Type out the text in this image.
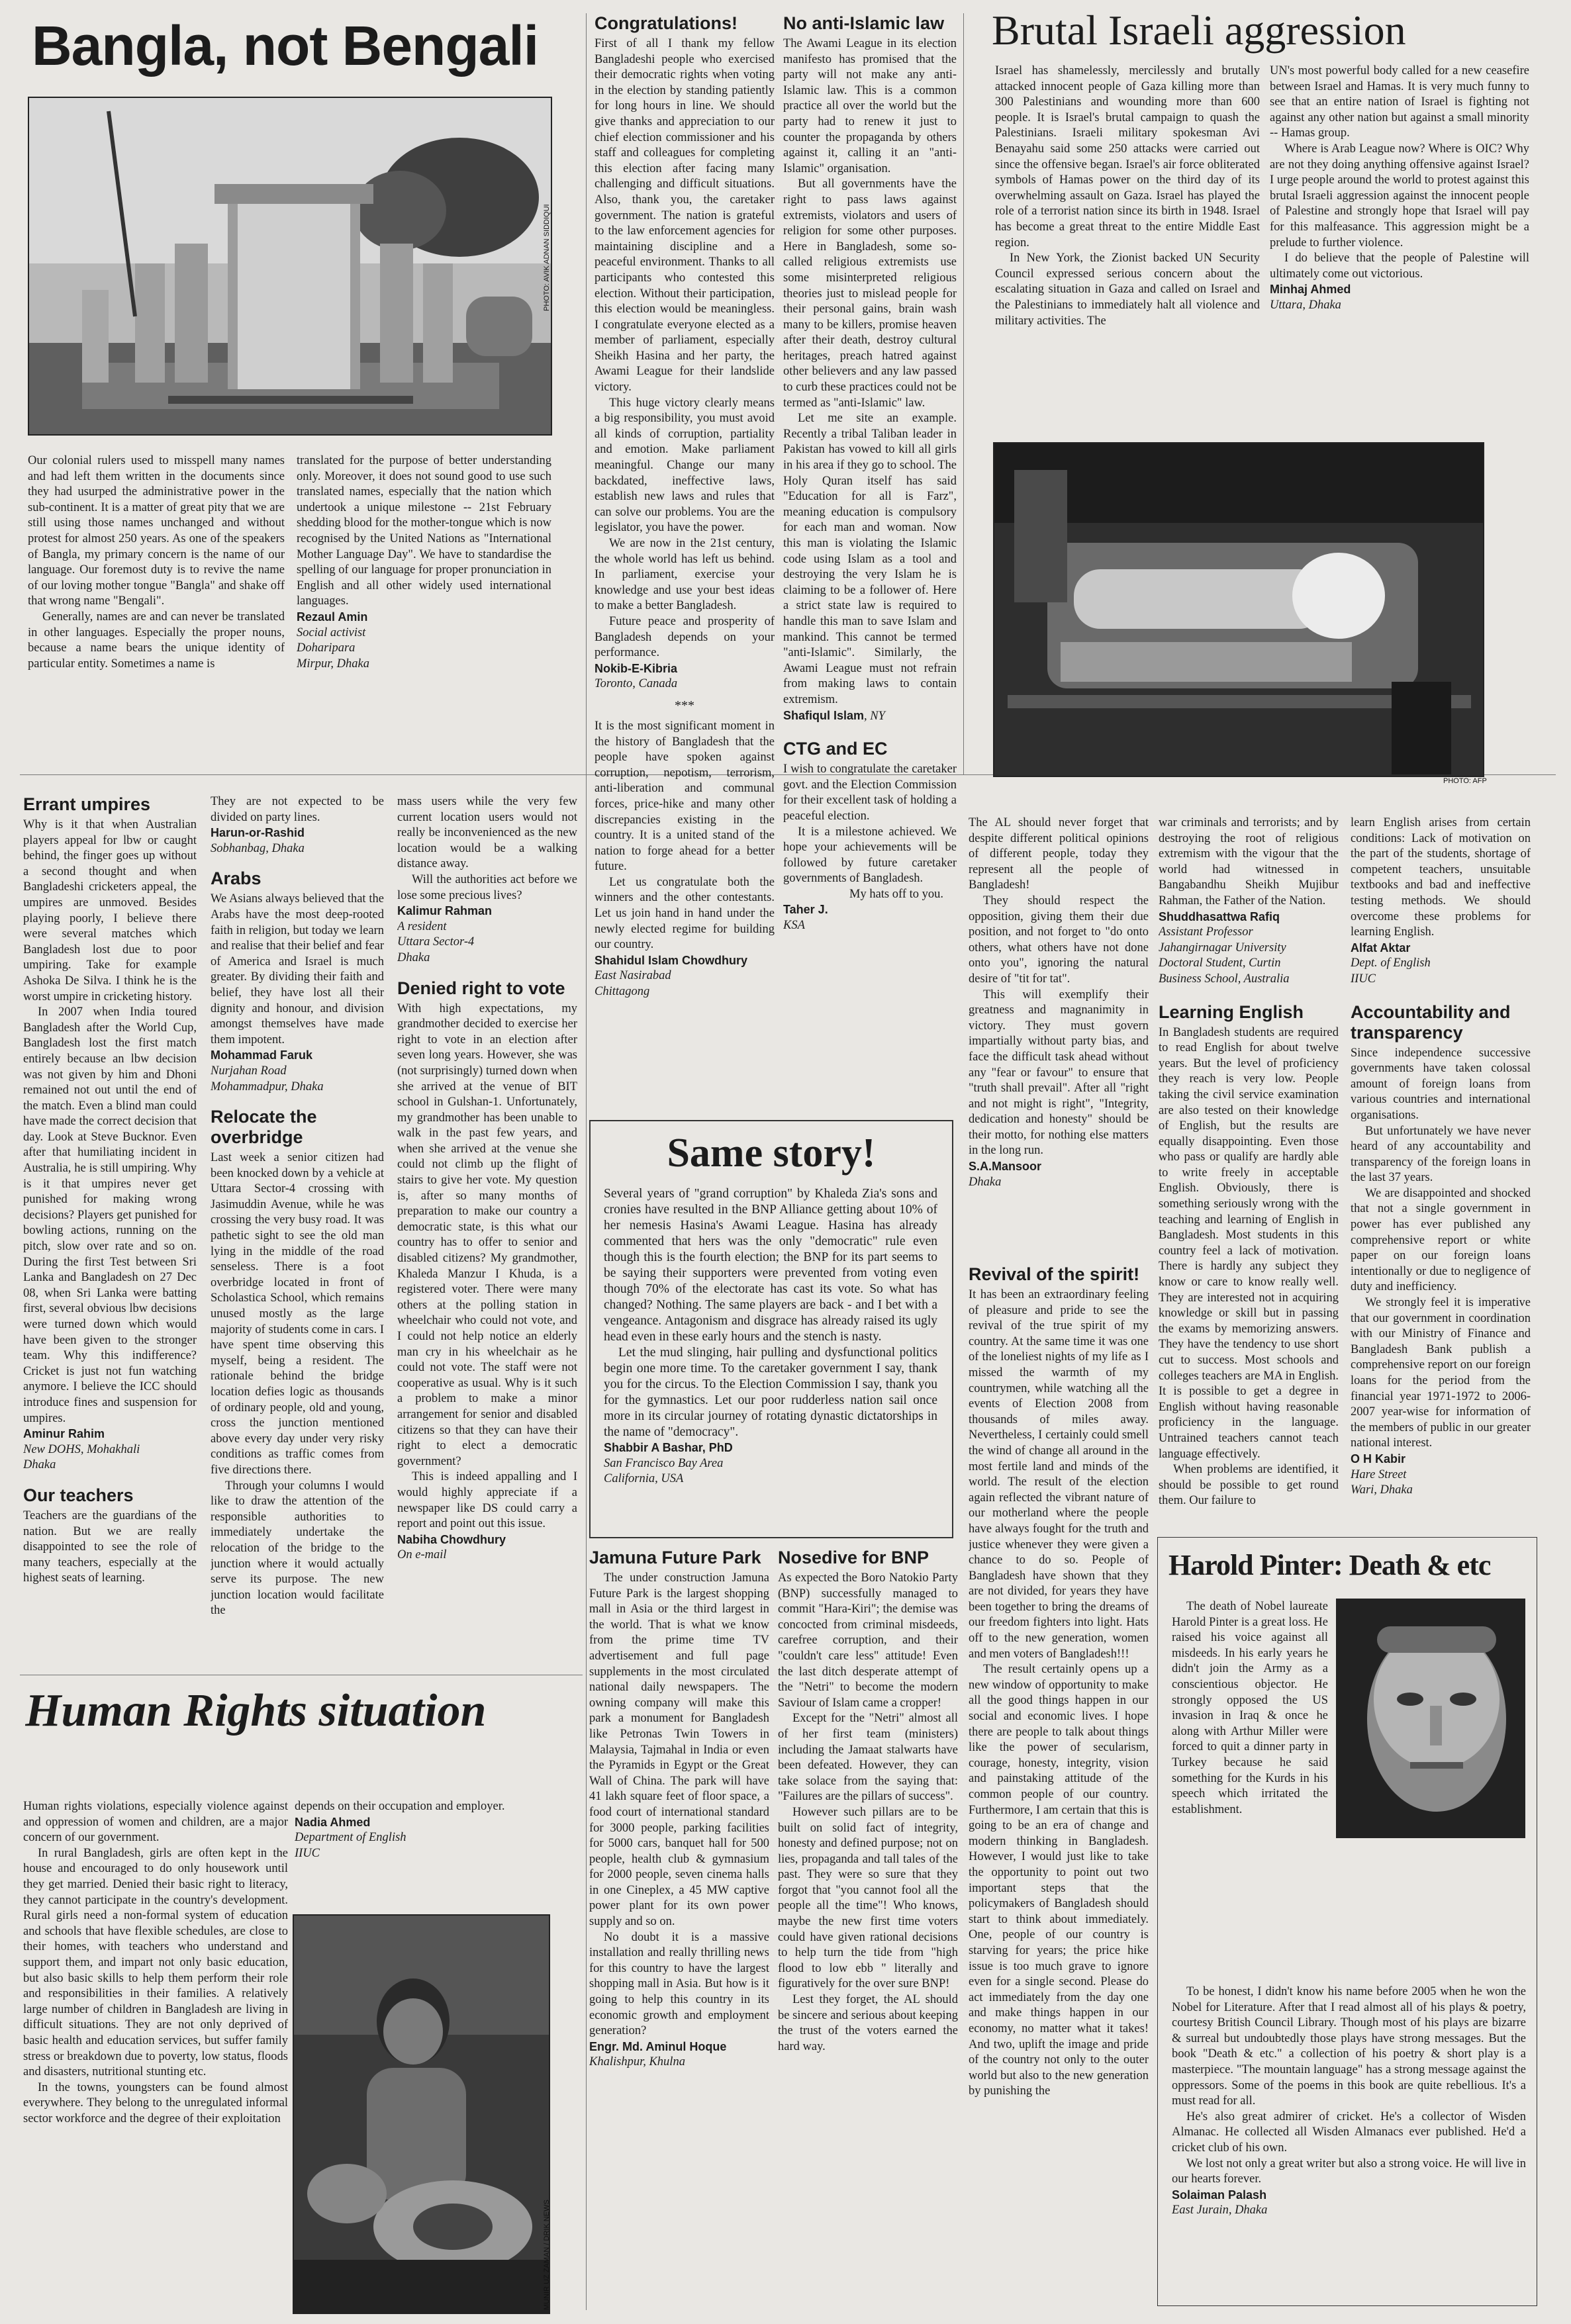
Bangla, not Bengali
PHOTO: AVIK ADNAN SIDDIQUI

Our colonial rulers used to misspell many names and had left them written in the documents since they had usurped the administrative power in the sub-continent. It is a matter of great pity that we are still using those names unchanged and without protest for almost 250 years. As one of the speakers of Bangla, my primary concern is the name of our language. Our foremost duty is to revive the name of our loving mother tongue "Bangla" and shake off that wrong name "Bengali".

Generally, names are and can never be translated in other languages. Especially the proper nouns, because a name bears the unique identity of particular entity. Sometimes a name is

translated for the purpose of better understanding only. Moreover, it does not sound good to use such translated names, especially that the nation which undertook a unique milestone -- 21st February shedding blood for the mother-tongue which is now recognised by the United Nations as "International Mother Language Day". We have to standardise the spelling of our language for proper pronunciation in English and all other widely used international languages.

Rezaul Amin
Social activist
Doharipara
Mirpur, Dhaka
Congratulations!

First of all I thank my fellow Bangladeshi people who exercised their democratic rights when voting in the election by standing patiently for long hours in line. We should give thanks and appreciation to our chief election commissioner and his staff and colleagues for completing this election after facing many challenging and difficult situations. Also, thank you, the caretaker government. The nation is grateful to the law enforcement agencies for maintaining discipline and a peaceful environment. Thanks to all participants who contested this election. Without their participation, this election would be meaningless. I congratulate everyone elected as a member of parliament, especially Sheikh Hasina and her party, the Awami League for their landslide victory.

This huge victory clearly means a big responsibility, you must avoid all kinds of corruption, partiality and emotion. Make parliament meaningful. Change our many backdated, ineffective laws, establish new laws and rules that can solve our problems. You are the legislator, you have the power.

We are now in the 21st century, the whole world has left us behind. In parliament, exercise your knowledge and use your best ideas to make a better Bangladesh.

Future peace and prosperity of Bangladesh depends on your performance.

Nokib-E-Kibria
Toronto, Canada
***

It is the most significant moment in the history of Bangladesh that the people have spoken against corruption, nepotism, terrorism, anti-liberation and communal forces, price-hike and many other discrepancies existing in the country. It is a united stand of the nation to forge ahead for a better future.

Let us congratulate both the winners and the other contestants. Let us join hand in hand under the newly elected regime for building our country.

Shahidul Islam Chowdhury
East Nasirabad
Chittagong
No anti-Islamic law

The Awami League in its election manifesto has promised that the party will not make any anti-Islamic law. This is a common practice all over the world but the party had to renew it just to counter the propaganda by others against it, calling it an "anti-Islamic" organisation.

But all governments have the right to pass laws against extremists, violators and users of religion for some other purposes. Here in Bangladesh, some so-called religious extremists use some misinterpreted religious theories just to mislead people for their personal gains, brain wash many to be killers, promise heaven after their death, destroy cultural heritages, preach hatred against other believers and any law passed to curb these practices could not be termed as "anti-Islamic" law.

Let me site an example. Recently a tribal Taliban leader in Pakistan has vowed to kill all girls in his area if they go to school. The Holy Quran itself has said "Education for all is Farz", meaning education is compulsory for each man and woman. Now this man is violating the Islamic code using Islam as a tool and destroying the very Islam he is claiming to be a follower of. Here a strict state law is required to handle this man to save Islam and mankind. This cannot be termed "anti-Islamic". Similarly, the Awami League must not refrain from making laws to contain extremism.

Shafiqul Islam, NY
CTG and EC

I wish to congratulate the caretaker govt. and the Election Commission for their excellent task of holding a peaceful election.

It is a milestone achieved. We hope your achievements will be followed by future caretaker governments of Bangladesh.

My hats off to you.

Taher J.
KSA
Brutal Israeli aggression

Israel has shamelessly, mercilessly and brutally attacked innocent people of Gaza killing more than 300 Palestinians and wounding more than 600 people. It is Israel's brutal campaign to quash the Palestinians. Israeli military spokesman Avi Benayahu said some 250 attacks were carried out since the offensive began. Israel's air force obliterated symbols of Hamas power on the third day of its overwhelming assault on Gaza. Israel has played the role of a terrorist nation since its birth in 1948. Israel has become a great threat to the entire Middle East region.

In New York, the Zionist backed UN Security Council expressed serious concern about the escalating situation in Gaza and called on Israel and the Palestinians to immediately halt all violence and military activities. The

UN's most powerful body called for a new ceasefire between Israel and Hamas. It is very much funny to see that an entire nation of Israel is fighting not against any other nation but against a small minority -- Hamas group.

Where is Arab League now? Where is OIC? Why are not they doing anything offensive against Israel? I urge people around the world to protest against this brutal Israeli aggression against the innocent people of Palestine and strongly hope that Israel will pay for this malfeasance. This aggression might be a prelude to further violence.

I do believe that the people of Palestine will ultimately come out victorious.

Minhaj Ahmed
Uttara, Dhaka
PHOTO: AFP
Errant umpires

Why is it that when Australian players appeal for lbw or caught behind, the finger goes up without a second thought and when Bangladeshi cricketers appeal, the umpires are unmoved. Besides playing poorly, I believe there were several matches which Bangladesh lost due to poor umpiring. Take for example Ashoka De Silva. I think he is the worst umpire in cricketing history.

In 2007 when India toured Bangladesh after the World Cup, Bangladesh lost the first match entirely because an lbw decision was not given by him and Dhoni remained not out until the end of the match. Even a blind man could have made the correct decision that day. Look at Steve Bucknor. Even after that humiliating incident in Australia, he is still umpiring. Why is it that umpires never get punished for making wrong decisions? Players get punished for bowling actions, running on the pitch, slow over rate and so on. During the first Test between Sri Lanka and Bangladesh on 27 Dec 08, when Sri Lanka were batting first, several obvious lbw decisions were turned down which would have been given to the stronger team. Why this indifference? Cricket is just not fun watching anymore. I believe the ICC should introduce fines and suspension for umpires.

Aminur Rahim
New DOHS, Mohakhali
Dhaka
Our teachers

Teachers are the guardians of the nation. But we are really disappointed to see the role of many teachers, especially at the highest seats of learning.

They are not expected to be divided on party lines.

Harun-or-Rashid
Sobhanbag, Dhaka
Arabs

We Asians always believed that the Arabs have the most deep-rooted faith in religion, but today we learn and realise that their belief and fear of America and Israel is much greater. By dividing their faith and belief, they have lost all their dignity and honour, and division amongst themselves have made them impotent.

Mohammad Faruk
Nurjahan Road
Mohammadpur, Dhaka
Relocate the overbridge

Last week a senior citizen had been knocked down by a vehicle at Uttara Sector-4 crossing with Jasimuddin Avenue, while he was crossing the very busy road. It was pathetic sight to see the old man lying in the middle of the road senseless. There is a foot overbridge located in front of Scholastica School, which remains unused mostly as the large majority of students come in cars. I have spent time observing this myself, being a resident. The rationale behind the bridge location defies logic as thousands of ordinary people, old and young, cross the junction mentioned above every day under very risky conditions as traffic comes from five directions there.

Through your columns I would like to draw the attention of the responsible authorities to immediately undertake the relocation of the bridge to the junction where it would actually serve its purpose. The new junction location would facilitate the

mass users while the very few current location users would not really be inconvenienced as the new location would be a walking distance away.

Will the authorities act before we lose some precious lives?

Kalimur Rahman
A resident
Uttara Sector-4
Dhaka
Denied right to vote

With high expectations, my grandmother decided to exercise her right to vote in an election after seven long years. However, she was (not surprisingly) turned down when she arrived at the venue of BIT school in Gulshan-1. Unfortunately, my grandmother has been unable to walk in the past few years, and when she arrived at the venue she could not climb up the flight of stairs to give her vote. My question is, after so many months of preparation to make our country a democratic state, is this what our country has to offer to senior and disabled citizens? My grandmother, Khaleda Manzur I Khuda, is a registered voter. There were many others at the polling station in wheelchair who could not vote, and I could not help notice an elderly man cry in his wheelchair as he could not vote. The staff were not cooperative as usual. Why is it such a problem to make a minor arrangement for senior and disabled citizens so that they can have their right to elect a democratic government?

This is indeed appalling and I would highly appreciate if a newspaper like DS could carry a report and point out this issue.

Nabiha Chowdhury
On e-mail
Same story!

Several years of "grand corruption" by Khaleda Zia's sons and cronies have resulted in the BNP Alliance getting about 10% of her nemesis Hasina's Awami League. Hasina has already commented that hers was the only "democratic" rule even though this is the fourth election; the BNP for its part seems to be saying their supporters were prevented from voting even though 70% of the electorate has cast its vote. So what has changed? Nothing. The same players are back - and I bet with a vengeance. Antagonism and disgrace has already raised its ugly head even in these early hours and the stench is nasty.

Let the mud slinging, hair pulling and dysfunctional politics begin one more time. To the caretaker government I say, thank you for the circus. To the Election Commission I say, thank you for the gymnastics. Let our poor rudderless nation sail once more in its circular journey of rotating dynastic dictatorships in the name of "democracy".

Shabbir A Bashar, PhD
San Francisco Bay Area
California, USA

The AL should never forget that despite different political opinions of different people, today they represent all the people of Bangladesh!

They should respect the opposition, giving them their due position, and not forget to "do onto others, what others have not done onto you", ignoring the natural desire of "tit for tat".

This will exemplify their greatness and magnanimity in victory. They must govern impartially without party bias, and face the difficult task ahead without any "fear or favour" to ensure that "truth shall prevail". After all "right and not might is right", "Integrity, dedication and honesty" should be their motto, for nothing else matters in the long run.

S.A.Mansoor
Dhaka

war criminals and terrorists; and by destroying the root of religious extremism with the vigour that the world had witnessed in Bangabandhu Sheikh Mujibur Rahman, the Father of the Nation.

Shuddhasattwa Rafiq
Assistant Professor
Jahangirnagar University
Doctoral Student, Curtin
Business School, Australia
Learning English

In Bangladesh students are required to read English for about twelve years. But the level of proficiency they reach is very low. People taking the civil service examination are also tested on their knowledge of English, but the results are equally disappointing. Even those who pass or qualify are hardly able to write freely in acceptable English. Obviously, there is something seriously wrong with the teaching and learning of English in Bangladesh. Most students in this country feel a lack of motivation. There is hardly any subject they know or care to know really well. They are interested not in acquiring knowledge or skill but in passing the exams by memorizing answers. They have the tendency to use short cut to success. Most schools and colleges teachers are MA in English. It is possible to get a degree in English without having reasonable proficiency in the language. Untrained teachers cannot teach language effectively.

When problems are identified, it should be possible to get round them. Our failure to

learn English arises from certain conditions: Lack of motivation on the part of the students, shortage of competent teachers, unsuitable textbooks and bad and ineffective testing methods. We should overcome these problems for learning English.

Alfat Aktar
Dept. of English
IIUC
Accountability and transparency

Since independence successive governments have taken colossal amount of foreign loans from various countries and international organisations.

But unfortunately we have never heard of any accountability and transparency of the foreign loans in the last 37 years.

We are disappointed and shocked that not a single government in power has ever published any comprehensive report or white paper on our foreign loans intentionally or due to negligence of duty and inefficiency.

We strongly feel it is imperative that our government in coordination with our Ministry of Finance and Bangladesh Bank publish a comprehensive report on our foreign loans for the period from the financial year 1971-1972 to 2006-2007 year-wise for information of the members of public in our greater national interest.

O H Kabir
Hare Street
Wari, Dhaka
Revival of the spirit!

It has been an extraordinary feeling of pleasure and pride to see the revival of the true spirit of my country. At the same time it was one of the loneliest nights of my life as I missed the warmth of my countrymen, while watching all the events of Election 2008 from thousands of miles away. Nevertheless, I certainly could smell the wind of change all around in the most fertile land and minds of the world. The result of the election again reflected the vibrant nature of our motherland where the people have always fought for the truth and justice whenever they were given a chance to do so. People of Bangladesh have shown that they are not divided, for years they have been together to bring the dreams of our freedom fighters into light. Hats off to the new generation, women and men voters of Bangladesh!!!

The result certainly opens up a new window of opportunity to make all the good things happen in our social and economic lives. I hope there are people to talk about things like the power of secularism, courage, honesty, integrity, vision and painstaking attitude of the common people of our country. Furthermore, I am certain that this is going to be an era of change and modern thinking in Bangladesh. However, I would just like to take the opportunity to point out two important steps that the policymakers of Bangladesh should start to think about immediately. One, people of our country is starving for years; the price hike issue is too much grave to ignore even for a single second. Please do act immediately from the day one and make things happen in our economy, no matter what it takes! And two, uplift the image and pride of the country not only to the outer world but also to the new generation by punishing the

Harold Pinter: Death & etc

The death of Nobel laureate Harold Pinter is a great loss. He raised his voice against all misdeeds. In his early years he didn't join the Army as a conscientious objector. He strongly opposed the US invasion in Iraq & once he along with Arthur Miller were forced to quit a dinner party in Turkey because he said something for the Kurds in his speech which irritated the establishment.

To be honest, I didn't know his name before 2005 when he won the Nobel for Literature. After that I read almost all of his plays & poetry, courtesy British Council Library. Though most of his plays are bizarre & surreal but undoubtedly those plays have strong messages. But the book "Death & etc." a collection of his poetry & short play is a masterpiece. "The mountain language" has a strong message against the oppressors. Some of the poems in this book are quite rebellious. It's a must read for all.

He's also great admirer of cricket. He's a collector of Wisden Almanac. He collected all Wisden Almanacs ever published. He'd a cricket club of his own.

We lost not only a great writer but also a strong voice. He will live in our hearts forever.

Solaiman Palash
East Jurain, Dhaka
Jamuna Future Park

The under construction Jamuna Future Park is the largest shopping mall in Asia or the third largest in the world. That is what we know from the prime time TV advertisement and full page supplements in the most circulated national daily newspapers. The owning company will make this park a monument for Bangladesh like Petronas Twin Towers in Malaysia, Tajmahal in India or even the Pyramids in Egypt or the Great Wall of China. The park will have 41 lakh square feet of floor space, a food court of international standard for 3000 people, parking facilities for 5000 cars, banquet hall for 500 people, health club & gymnasium for 2000 people, seven cinema halls in one Cineplex, a 45 MW captive power plant for its own power supply and so on.

No doubt it is a massive installation and really thrilling news for this country to have the largest shopping mall in Asia. But how is it going to help this country in its economic growth and employment generation?

Engr. Md. Aminul Hoque
Khalishpur, Khulna
Nosedive for BNP

As expected the Boro Natokio Party (BNP) successfully managed to commit "Hara-Kiri"; the demise was concocted from criminal misdeeds, carefree corruption, and their "couldn't care less" attitude! Even the last ditch desperate attempt of the "Netri" to become the modern Saviour of Islam came a cropper!

Except for the "Netri" almost all of her first team (ministers) including the Jamaat stalwarts have been defeated. However, they can take solace from the saying that: "Failures are the pillars of success".

However such pillars are to be built on solid fact of integrity, honesty and defined purpose; not on lies, propaganda and tall tales of the past. They were so sure that they forgot that "you cannot fool all the people all the time"! Who knows, maybe the new first time voters could have given rational decisions to help turn the tide from "high flood to low ebb " literally and figuratively for the over sure BNP!

Lest they forget, the AL should be sincere and serious about keeping the trust of the voters earned the hard way.

Human Rights situation

Human rights violations, especially violence against and oppression of women and children, are a major concern of our government.

In rural Bangladesh, girls are often kept in the house and encouraged to do only housework until they get married. Denied their basic right to literacy, they cannot participate in the country's development. Rural girls need a non-formal system of education and schools that have flexible schedules, are close to their homes, with teachers who understand and support them, and impart not only basic education, but also basic skills to help them perform their role and responsibilities in their families. A relatively large number of children in Bangladesh are living in difficult situations. They are not only deprived of basic health and education services, but suffer family stress or breakdown due to poverty, low status, floods and disasters, nutritional stunting etc.

In the towns, youngsters can be found almost everywhere. They belong to the unregulated informal sector workforce and the degree of their exploitation

depends on their occupation and employer.

Nadia Ahmed
Department of English
IIUC
MUNIR UZ ZAMAN / DRIK NEWS
